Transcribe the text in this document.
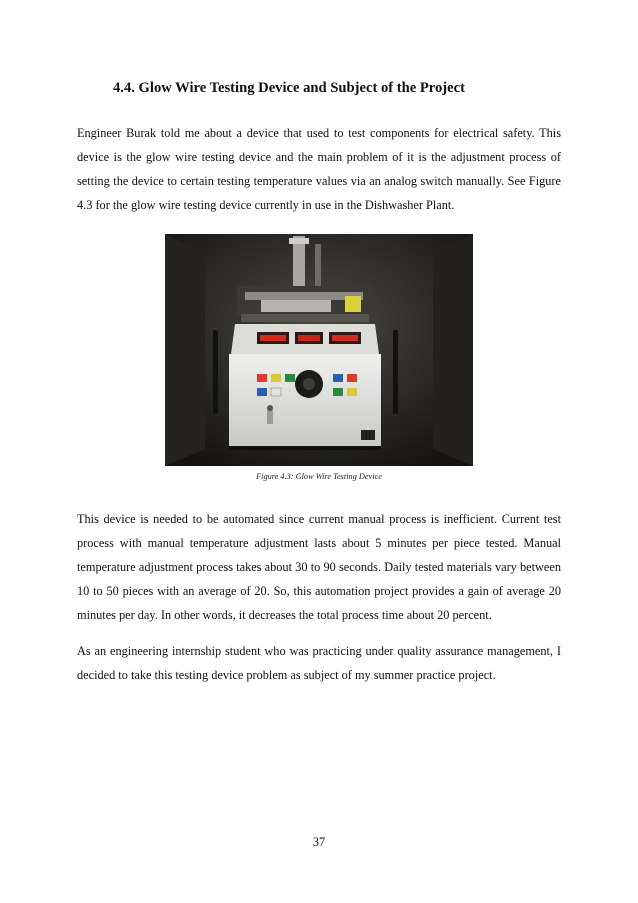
4.4. Glow Wire Testing Device and Subject of the Project

Engineer Burak told me about a device that used to test components for electrical safety. This device is the glow wire testing device and the main problem of it is the adjustment process of setting the device to certain testing temperature values via an analog switch manually. See Figure 4.3 for the glow wire testing device currently in use in the Dishwasher Plant.

Figure 4.3: Glow Wire Testing Device

This device is needed to be automated since current manual process is inefficient. Current test process with manual temperature adjustment lasts about 5 minutes per piece tested. Manual temperature adjustment process takes about 30 to 90 seconds. Daily tested materials vary between 10 to 50 pieces with an average of 20. So, this automation project provides a gain of average 20 minutes per day. In other words, it decreases the total process time about 20 percent.

As an engineering internship student who was practicing under quality assurance management, I decided to take this testing device problem as subject of my summer practice project.

37
